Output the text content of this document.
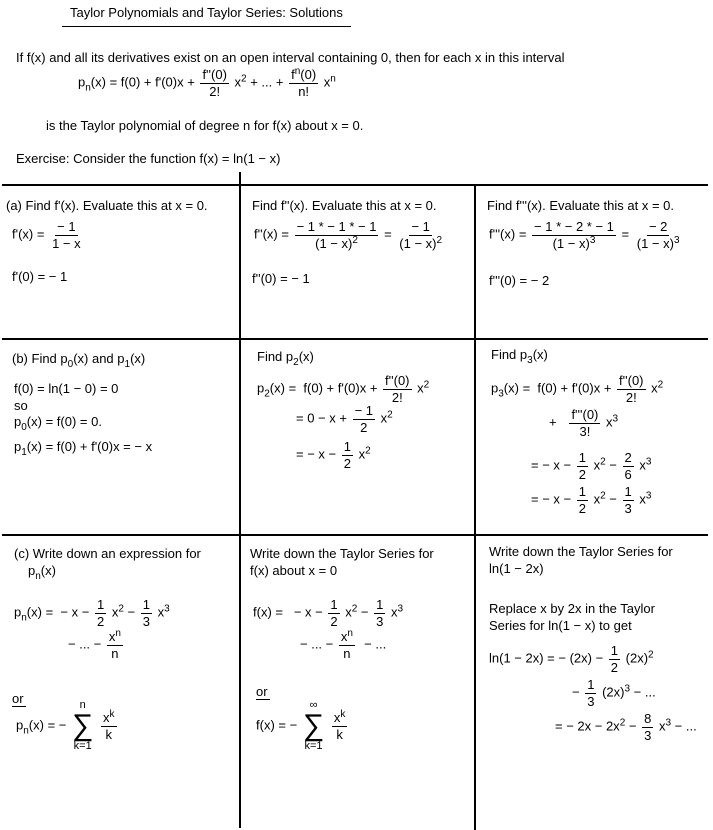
Taylor Polynomials and Taylor Series: Solutions
If f(x) and all its derivatives exist on an open interval containing 0, then for each x in this interval
$p_n(x) = f(0) + f'(0)x + \frac{f''(0)}{2!} x^2$ + ... + $\frac{f^n(0)}{n!} x^n$
is the Taylor polynomial of degree n for f(x) about x = 0.
Exercise: Consider the function f(x) = ln(1 − x)
(a) Find f'(x). Evaluate this at x = 0.
$f'(x) = \frac{- 1}{1 - x}$
f'(0) = − 1
Find f''(x). Evaluate this at x = 0.
$f''(x) = \frac{- 1 * - 1 * - 1}{(1 - x)^2} = \frac{- 1}{(1 - x)^2}$
f''(0) = − 1
Find f'''(x). Evaluate this at x = 0.
$f'''(x) = \frac{- 1 * - 2 * - 1}{(1 - x)^3} = \frac{- 2}{(1 - x)^3}$
f'''(0) = − 2
(b) Find $p_0(x)$ and $p_1(x)$
f(0) = ln(1 − 0) = 0
so
$p_0(x) = f(0) = 0$.
$p_1(x) = f(0) + f'(0)x$ = − x
Find $p_2(x)$
$p_2(x) = f(0) + f'(0)x + \frac{f''(0)}{2!} x^2$
= $0 - x + \frac{- 1}{2} x^2$
= − $x - \frac{1}{2} x^2$
Find $p_3(x)$
$p_3(x) = f(0) + f'(0)x + \frac{f''(0)}{2!} x^2$
+ $\frac{f'''(0)}{3!} x^3$
= − $x - \frac{1}{2} x^2 - \frac{2}{6} x^3$
= − $x - \frac{1}{2} x^2 - \frac{1}{3} x^3$
(c) Write down an expression for
$p_n(x)$
$p_n(x)$ = − $x - \frac{1}{2} x^2 - \frac{1}{3} x^3$
− ... − $\frac{x^n}{n}$
or
$p_n(x)$ = −
n
∑
k=1

$\frac{x^k}{k}$
Write down the Taylor Series for
f(x) about x = 0
f(x) = − $x - \frac{1}{2} x^2 - \frac{1}{3} x^3$
− ... − $\frac{x^n}{n}$ − ...
or
f(x) = −
∞
∑
k=1

$\frac{x^k}{k}$
Write down the Taylor Series for
ln(1 − 2x)
Replace x by 2x in the Taylor
Series for ln(1 − x) to get
ln(1 − 2x) = − $(2x) - \frac{1}{2} (2x)^2$
− $\frac{1}{3} (2x)^3$ − ...
= − $2x - 2x^2 - \frac{8}{3} x^3$ − ...
